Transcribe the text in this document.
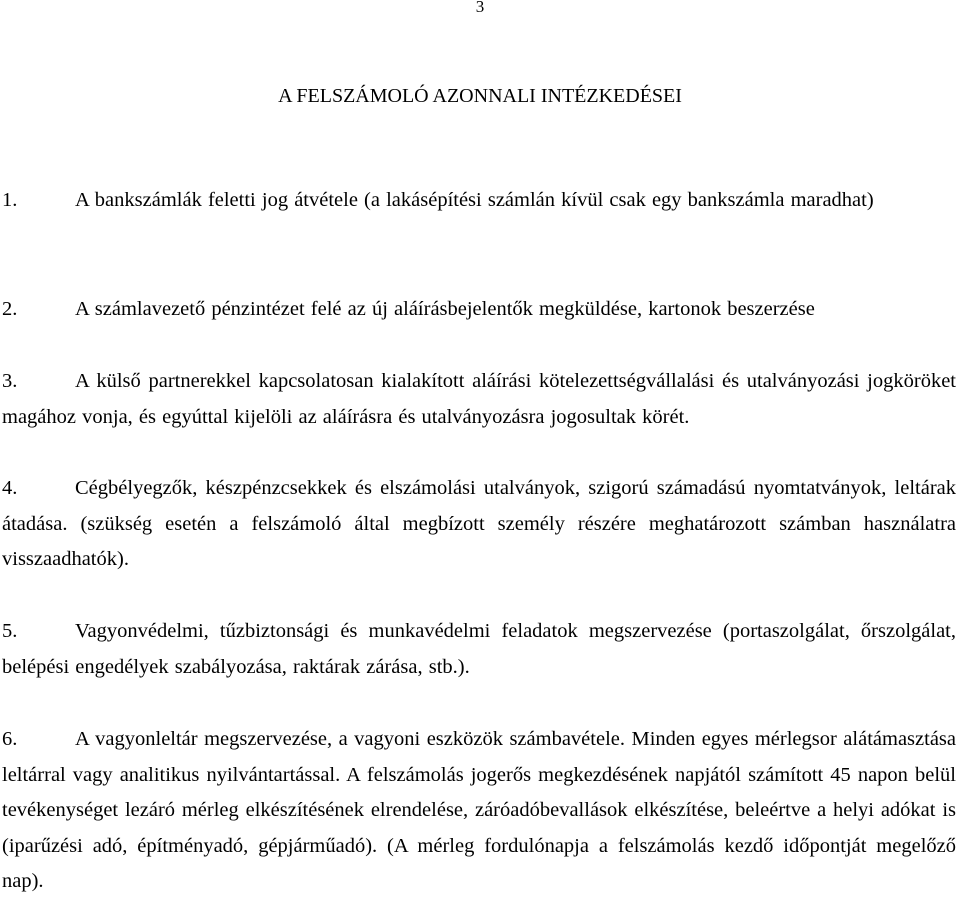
3
A FELSZÁMOLÓ AZONNALI INTÉZKEDÉSEI
1.	A bankszámlák feletti jog átvétele (a lakásépítési számlán kívül csak egy bankszámla maradhat)
2.	A számlavezető pénzintézet felé az új aláírásbejelentők megküldése, kartonok beszerzése
3.	A külső partnerekkel kapcsolatosan kialakított aláírási kötelezettségvállalási és utalványozási jogköröket magához vonja, és egyúttal kijelöli az aláírásra és utalványozásra jogosultak körét.
4.	Cégbélyegzők, készpénzcsekkek és elszámolási utalványok, szigorú számadású nyomtatványok, leltárak átadása. (szükség esetén a felszámoló által megbízott személy részére meghatározott számban használatra visszaadhatók).
5.	Vagyonvédelmi, tűzbiztonsági és munkavédelmi feladatok megszervezése (portaszolgálat, őrszolgálat, belépési engedélyek szabályozása, raktárak zárása, stb.).
6.	A vagyonleltár megszervezése, a vagyoni eszközök számbavétele. Minden egyes mérlegsor alátámasztása leltárral vagy analitikus nyilvántartással. A felszámolás jogerős megkezdésének napjától számított 45 napon belül tevékenységet lezáró mérleg elkészítésének elrendelése, záróadóbevallások elkészítése, beleértve a helyi adókat is (iparűzési adó, építményadó, gépjárműadó). (A mérleg fordulónapja a felszámolás kezdő időpontját megelőző nap).
